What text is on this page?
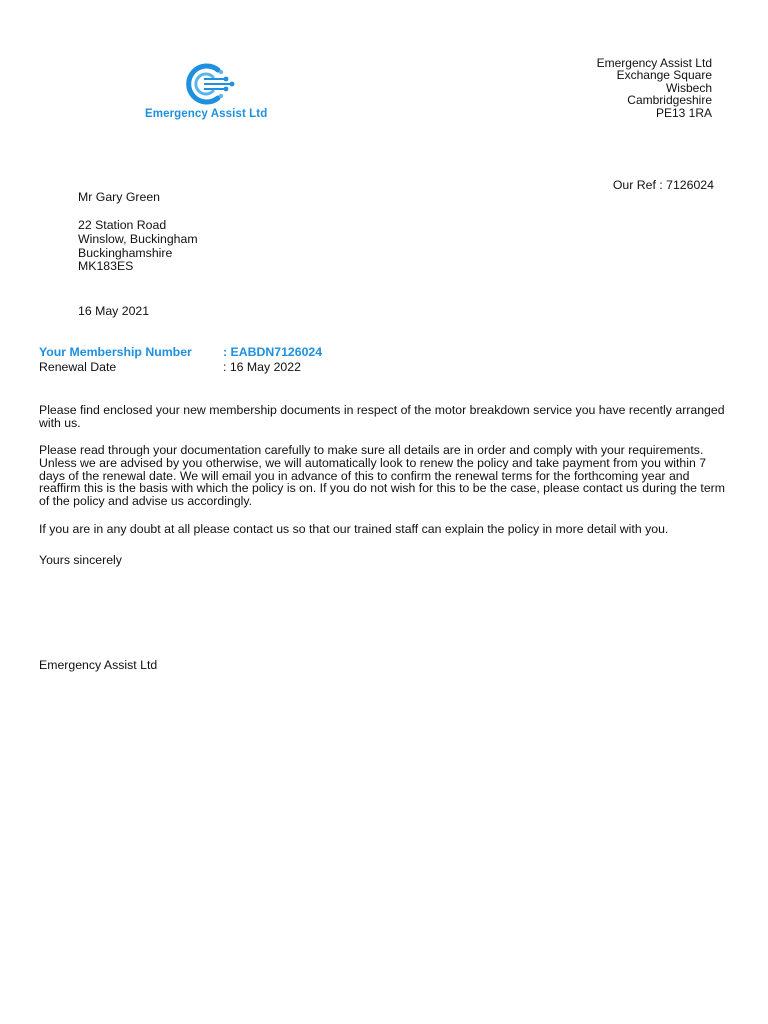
Emergency Assist Ltd
Emergency Assist Ltd
Exchange Square
Wisbech
Cambridgeshire
PE13 1RA
Our Ref : 7126024
Mr Gary Green
22 Station Road
Winslow, Buckingham
Buckinghamshire
MK183ES
16 May 2021
Your Membership Number	: EABDN7126024
Renewal Date	: 16 May 2022

Please find enclosed your new membership documents in respect of the motor breakdown service you have recently arranged with us.

Please read through your documentation carefully to make sure all details are in order and comply with your requirements. Unless we are advised by you otherwise, we will automatically look to renew the policy and take payment from you within 7 days of the renewal date. We will email you in advance of this to confirm the renewal terms for the forthcoming year and reaffirm this is the basis with which the policy is on. If you do not wish for this to be the case, please contact us during the term of the policy and advise us accordingly.

If you are in any doubt at all please contact us so that our trained staff can explain the policy in more detail with you.

Yours sincerely
Emergency Assist Ltd
